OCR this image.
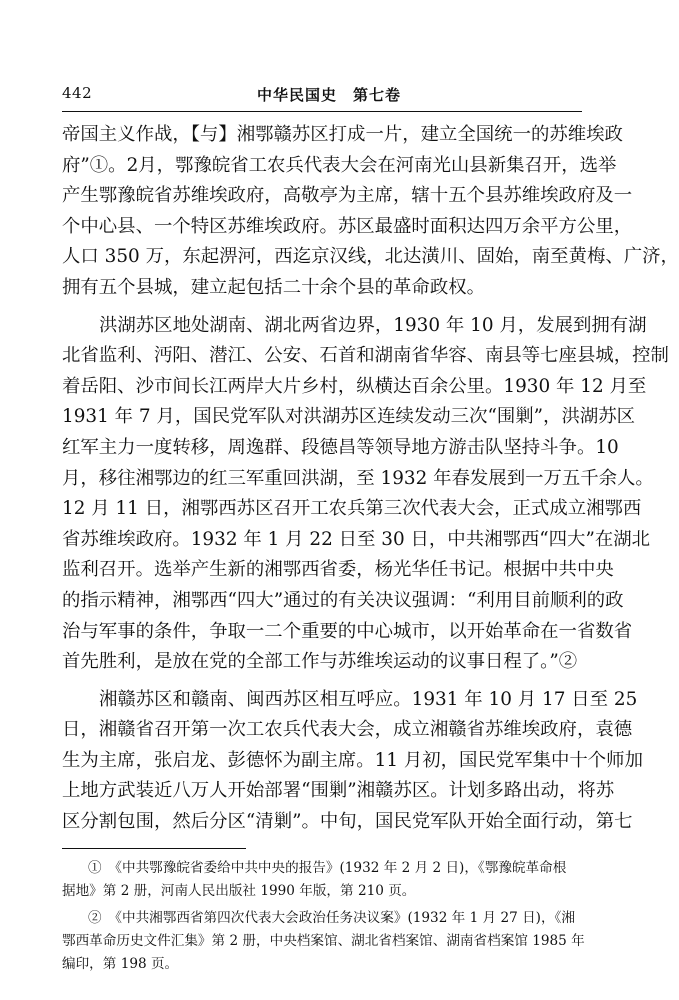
442	中华民国史　第七卷
帝国主义作战，【与】湘鄂赣苏区打成一片，建立全国统一的苏维埃政
府”①。2月，鄂豫皖省工农兵代表大会在河南光山县新集召开，选举
产生鄂豫皖省苏维埃政府，高敬亭为主席，辖十五个县苏维埃政府及一
个中心县、一个特区苏维埃政府。苏区最盛时面积达四万余平方公里，
人口 350 万，东起淠河，西迄京汉线，北达潢川、固始，南至黄梅、广济，
拥有五个县城，建立起包括二十余个县的革命政权。
洪湖苏区地处湖南、湖北两省边界，1930 年 10 月，发展到拥有湖
北省监利、沔阳、潜江、公安、石首和湖南省华容、南县等七座县城，控制
着岳阳、沙市间长江两岸大片乡村，纵横达百余公里。1930 年 12 月至
1931 年 7 月，国民党军队对洪湖苏区连续发动三次“围剿”，洪湖苏区
红军主力一度转移，周逸群、段德昌等领导地方游击队坚持斗争。10
月，移往湘鄂边的红三军重回洪湖，至 1932 年春发展到一万五千余人。
12 月 11 日，湘鄂西苏区召开工农兵第三次代表大会，正式成立湘鄂西
省苏维埃政府。1932 年 1 月 22 日至 30 日，中共湘鄂西“四大”在湖北
监利召开。选举产生新的湘鄂西省委，杨光华任书记。根据中共中央
的指示精神，湘鄂西“四大”通过的有关决议强调：“利用目前顺利的政
治与军事的条件，争取一二个重要的中心城市，以开始革命在一省数省
首先胜利，是放在党的全部工作与苏维埃运动的议事日程了。”②
湘赣苏区和赣南、闽西苏区相互呼应。1931 年 10 月 17 日至 25
日，湘赣省召开第一次工农兵代表大会，成立湘赣省苏维埃政府，袁德
生为主席，张启龙、彭德怀为副主席。11 月初，国民党军集中十个师加
上地方武装近八万人开始部署“围剿”湘赣苏区。计划多路出动，将苏
区分割包围，然后分区“清剿”。中旬，国民党军队开始全面行动，第七
①　《中共鄂豫皖省委给中共中央的报告》(1932 年 2 月 2 日)，《鄂豫皖革命根
据地》第 2 册，河南人民出版社 1990 年版，第 210 页。
②　《中共湘鄂西省第四次代表大会政治任务决议案》(1932 年 1 月 27 日)，《湘
鄂西革命历史文件汇集》第 2 册，中央档案馆、湖北省档案馆、湖南省档案馆 1985 年
编印，第 198 页。
